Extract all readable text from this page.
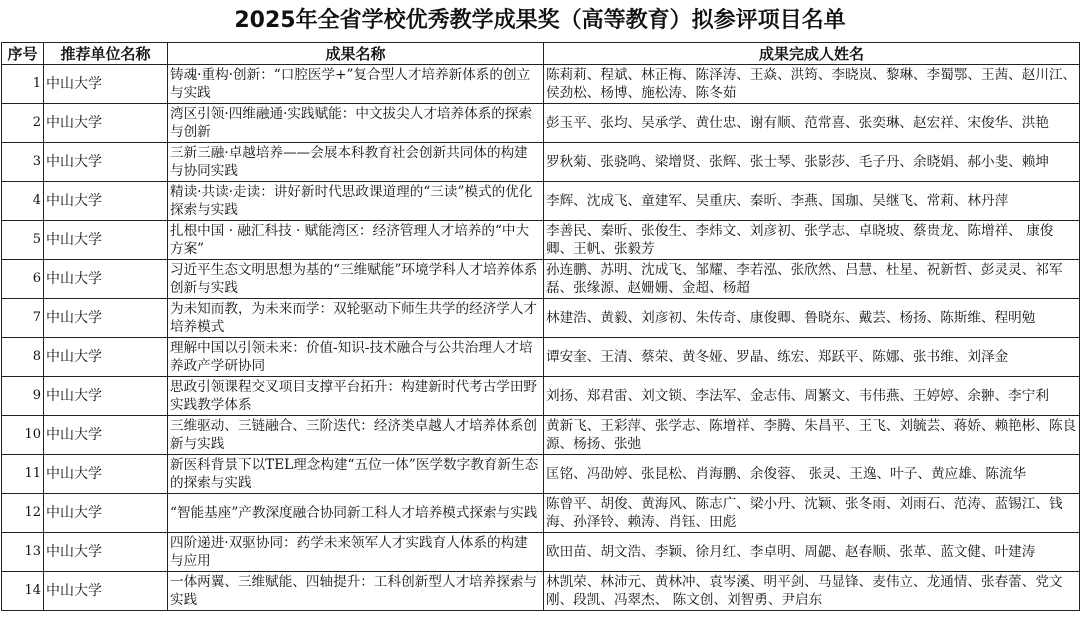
2025年全省学校优秀教学成果奖（高等教育）拟参评项目名单
序号	推荐单位名称	成果名称	成果完成人姓名
1	中山大学	铸魂·重构·创新：“口腔医学+”复合型人才培养新体系的创立与实践	陈莉莉、程斌、林正梅、陈泽涛、王焱、洪筠、李晓岚、黎琳、李蜀鄂、王茜、赵川江、侯劲松、杨博、施松涛、陈冬茹
2	中山大学	湾区引领·四维融通·实践赋能：中文拔尖人才培养体系的探索与创新	彭玉平、张均、吴承学、黄仕忠、谢有顺、范常喜、张奕琳、赵宏祥、宋俊华、洪艳
3	中山大学	三新三融·卓越培养——会展本科教育社会创新共同体的构建与协同实践	罗秋菊、张骁鸣、梁增贤、张辉、张士琴、张影莎、毛子丹、余晓娟、郝小斐、赖坤
4	中山大学	精读·共读·走读：讲好新时代思政课道理的“三读”模式的优化探索与实践	李辉、沈成飞、童建军、吴重庆、秦昕、李燕、国珈、吴继飞、常莉、林丹萍
5	中山大学	扎根中国 · 融汇科技 · 赋能湾区：经济管理人才培养的“中大方案”	李善民、秦昕、张俊生、李炜文、刘彦初、张学志、卓晓坡、蔡贵龙、陈增祥、 康俊卿、王帆、张毅芳
6	中山大学	习近平生态文明思想为基的“三维赋能”环境学科人才培养体系创新与实践	孙连鹏、苏明、沈成飞、邹耀、李若泓、张欣然、吕慧、杜星、祝新哲、彭灵灵、祁军磊、张缘源、赵姗姗、金超、杨超
7	中山大学	为未知而教，为未来而学：双轮驱动下师生共学的经济学人才培养模式	林建浩、黄毅、刘彦初、朱传奇、康俊卿、鲁晓东、戴芸、杨扬、陈斯维、程明勉
8	中山大学	理解中国以引领未来：价值-知识-技术融合与公共治理人才培养政产学研协同	谭安奎、王清、蔡荣、黄冬娅、罗晶、练宏、郑跃平、陈娜、张书维、刘泽金
9	中山大学	思政引领课程交叉项目支撑平台拓升：构建新时代考古学田野实践教学体系	刘扬、郑君雷、刘文锁、李法军、金志伟、周繁文、韦伟燕、王婷婷、余翀、李宁利
10	中山大学	三维驱动、三链融合、三阶迭代：经济类卓越人才培养体系创新与实践	黄新飞、王彩萍、张学志、陈增祥、李腾、朱昌平、王飞、刘毓芸、蒋娇、赖艳彬、陈良源、杨扬、张弛
11	中山大学	新医科背景下以TEL理念构建“五位一体”医学数字教育新生态的探索与实践	匡铭、冯劭婷、张昆松、肖海鹏、余俊蓉、 张灵、王逸、叶子、黄应雄、陈流华
12	中山大学	“智能基座”产教深度融合协同新工科人才培养模式探索与实践	陈曾平、胡俊、黄海风、陈志广、梁小丹、沈颖、张冬雨、刘雨石、范涛、蓝锡江、钱海、孙泽铃、赖涛、肖钰、田彪
13	中山大学	四阶递进·双驱协同：药学未来领军人才实践育人体系的构建与应用	欧田苗、胡文浩、李颖、徐月红、李卓明、周勰、赵春顺、张革、蓝文健、叶建涛
14	中山大学	一体两翼、三维赋能、四轴提升：工科创新型人才培养探索与实践	林凯荣、林沛元、黄林冲、袁岑溪、明平剑、马显锋、麦伟立、龙通情、张春蕾、党文刚、段凯、冯翠杰、 陈文创、刘智勇、尹启东
